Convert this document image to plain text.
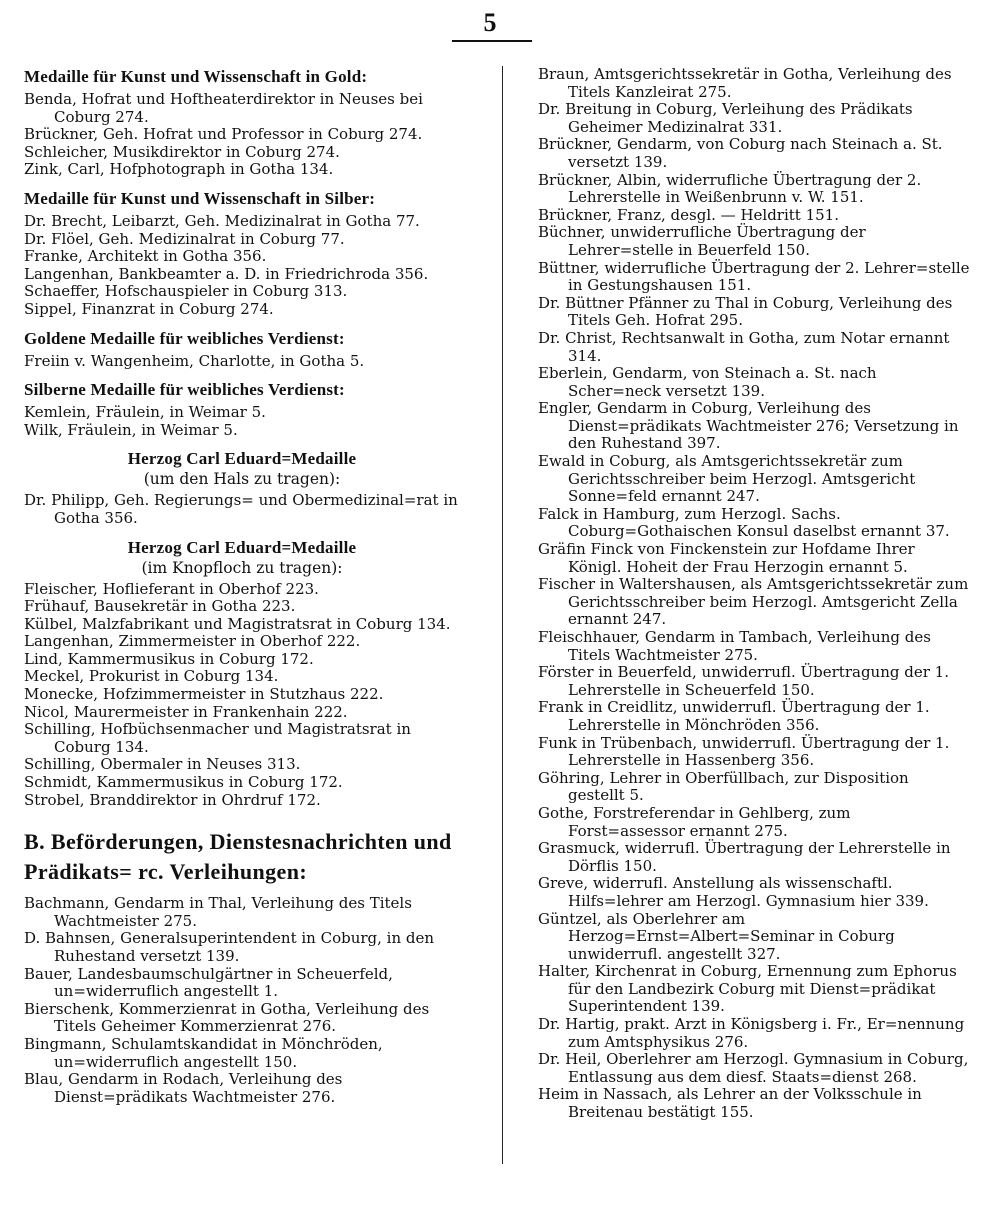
5
Medaille für Kunst und Wissenschaft in Gold:

Benda, Hofrat und Hoftheaterdirektor in Neuses bei Coburg 274.

Brückner, Geh. Hofrat und Professor in Coburg 274.

Schleicher, Musikdirektor in Coburg 274.

Zink, Carl, Hofphotograph in Gotha 134.

Medaille für Kunst und Wissenschaft in Silber:

Dr. Brecht, Leibarzt, Geh. Medizinalrat in Gotha 77.

Dr. Flöel, Geh. Medizinalrat in Coburg 77.

Franke, Architekt in Gotha 356.

Langenhan, Bankbeamter a. D. in Friedrichroda 356.

Schaeffer, Hofschauspieler in Coburg 313.

Sippel, Finanzrat in Coburg 274.

Goldene Medaille für weibliches Verdienst:

Freiin v. Wangenheim, Charlotte, in Gotha 5.

Silberne Medaille für weibliches Verdienst:

Kemlein, Fräulein, in Weimar 5.

Wilk, Fräulein, in Weimar 5.

Herzog Carl Eduard=Medaille
(um den Hals zu tragen):

Dr. Philipp, Geh. Regierungs= und Obermedizinal=rat in Gotha 356.

Herzog Carl Eduard=Medaille
(im Knopfloch zu tragen):

Fleischer, Hoflieferant in Oberhof 223.

Frühauf, Bausekretär in Gotha 223.

Külbel, Malzfabrikant und Magistratsrat in Coburg 134.

Langenhan, Zimmermeister in Oberhof 222.

Lind, Kammermusikus in Coburg 172.

Meckel, Prokurist in Coburg 134.

Monecke, Hofzimmermeister in Stutzhaus 222.

Nicol, Maurermeister in Frankenhain 222.

Schilling, Hofbüchsenmacher und Magistratsrat in Coburg 134.

Schilling, Obermaler in Neuses 313.

Schmidt, Kammermusikus in Coburg 172.

Strobel, Branddirektor in Ohrdruf 172.

B. Beförderungen, Dienstesnachrichten und Prädikats= rc. Verleihungen:

Bachmann, Gendarm in Thal, Verleihung des Titels Wachtmeister 275.

D. Bahnsen, Generalsuperintendent in Coburg, in den Ruhestand versetzt 139.

Bauer, Landesbaumschulgärtner in Scheuerfeld, un=widerruflich angestellt 1.

Bierschenk, Kommerzienrat in Gotha, Verleihung des Titels Geheimer Kommerzienrat 276.

Bingmann, Schulamtskandidat in Mönchröden, un=widerruflich angestellt 150.

Blau, Gendarm in Rodach, Verleihung des Dienst=prädikats Wachtmeister 276.

Braun, Amtsgerichtssekretär in Gotha, Verleihung des Titels Kanzleirat 275.

Dr. Breitung in Coburg, Verleihung des Prädikats Geheimer Medizinalrat 331.

Brückner, Gendarm, von Coburg nach Steinach a. St. versetzt 139.

Brückner, Albin, widerrufliche Übertragung der 2. Lehrerstelle in Weißenbrunn v. W. 151.

Brückner, Franz, desgl. — Heldritt 151.

Büchner, unwiderrufliche Übertragung der Lehrer=stelle in Beuerfeld 150.

Büttner, widerrufliche Übertragung der 2. Lehrer=stelle in Gestungshausen 151.

Dr. Büttner Pfänner zu Thal in Coburg, Verleihung des Titels Geh. Hofrat 295.

Dr. Christ, Rechtsanwalt in Gotha, zum Notar ernannt 314.

Eberlein, Gendarm, von Steinach a. St. nach Scher=neck versetzt 139.

Engler, Gendarm in Coburg, Verleihung des Dienst=prädikats Wachtmeister 276; Versetzung in den Ruhestand 397.

Ewald in Coburg, als Amtsgerichtssekretär zum Gerichtsschreiber beim Herzogl. Amtsgericht Sonne=feld ernannt 247.

Falck in Hamburg, zum Herzogl. Sachs. Coburg=Gothaischen Konsul daselbst ernannt 37.

Gräfin Finck von Finckenstein zur Hofdame Ihrer Königl. Hoheit der Frau Herzogin ernannt 5.

Fischer in Waltershausen, als Amtsgerichtssekretär zum Gerichtsschreiber beim Herzogl. Amtsgericht Zella ernannt 247.

Fleischhauer, Gendarm in Tambach, Verleihung des Titels Wachtmeister 275.

Förster in Beuerfeld, unwiderrufl. Übertragung der 1. Lehrerstelle in Scheuerfeld 150.

Frank in Creidlitz, unwiderrufl. Übertragung der 1. Lehrerstelle in Mönchröden 356.

Funk in Trübenbach, unwiderrufl. Übertragung der 1. Lehrerstelle in Hassenberg 356.

Göhring, Lehrer in Oberfüllbach, zur Disposition gestellt 5.

Gothe, Forstreferendar in Gehlberg, zum Forst=assessor ernannt 275.

Grasmuck, widerrufl. Übertragung der Lehrerstelle in Dörflis 150.

Greve, widerrufl. Anstellung als wissenschaftl. Hilfs=lehrer am Herzogl. Gymnasium hier 339.

Güntzel, als Oberlehrer am Herzog=Ernst=Albert=Seminar in Coburg unwiderrufl. angestellt 327.

Halter, Kirchenrat in Coburg, Ernennung zum Ephorus für den Landbezirk Coburg mit Dienst=prädikat Superintendent 139.

Dr. Hartig, prakt. Arzt in Königsberg i. Fr., Er=nennung zum Amtsphysikus 276.

Dr. Heil, Oberlehrer am Herzogl. Gymnasium in Coburg, Entlassung aus dem diesf. Staats=dienst 268.

Heim in Nassach, als Lehrer an der Volksschule in Breitenau bestätigt 155.
